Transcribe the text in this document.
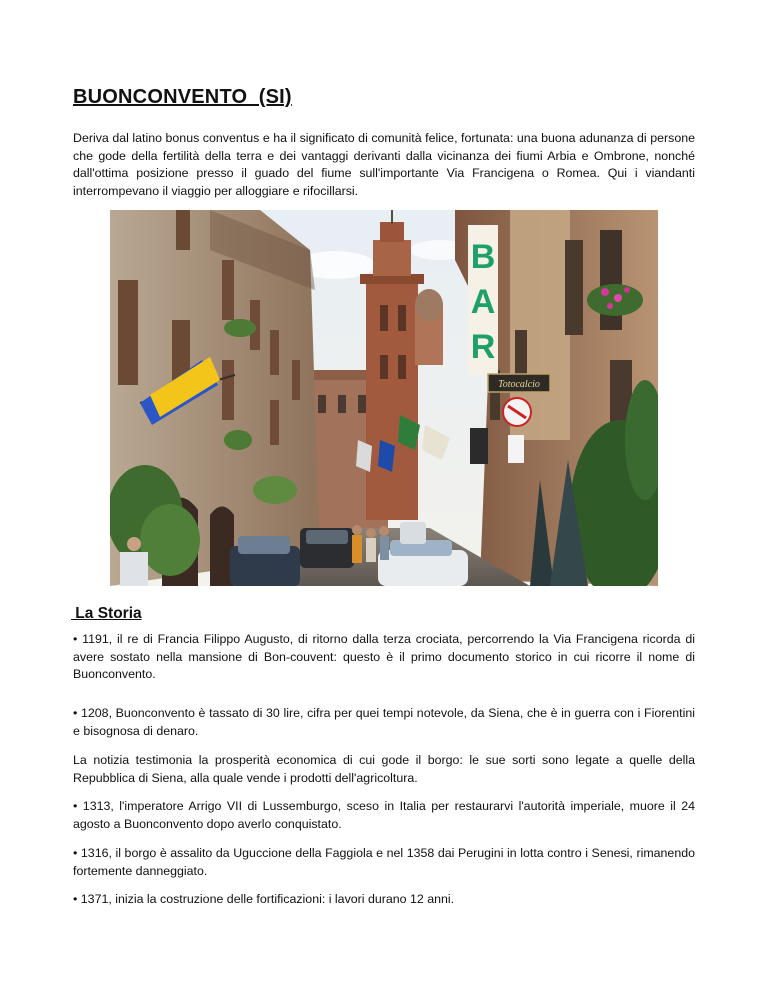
BUONCONVENTO  (SI)

Deriva dal latino bonus conventus e ha il significato di comunità felice, fortunata: una buona adunanza di persone che gode della fertilità della terra e dei vantaggi derivanti dalla vicinanza dei fiumi Arbia e Ombrone, nonché dall'ottima posizione presso il guado del fiume sull'importante Via Francigena o Romea. Qui i viandanti interrompevano il viaggio per alloggiare e rifocillarsi.

B
A
R
Totocalcio
La Storia

• 1191, il re di Francia Filippo Augusto, di ritorno dalla terza crociata, percorrendo la Via Francigena ricorda di avere sostato nella mansione di Bon-couvent: questo è il primo documento storico in cui ricorre il nome di Buonconvento.

• 1208, Buonconvento è tassato di 30 lire, cifra per quei tempi notevole, da Siena, che è in guerra con i Fiorentini e bisognosa di denaro.

La notizia testimonia la prosperità economica di cui gode il borgo: le sue sorti sono legate a quelle della Repubblica di Siena, alla quale vende i prodotti dell'agricoltura.

• 1313, l'imperatore Arrigo VII di Lussemburgo, sceso in Italia per restaurarvi l'autorità imperiale, muore il 24 agosto a Buonconvento dopo averlo conquistato.

• 1316, il borgo è assalito da Uguccione della Faggiola e nel 1358 dai Perugini in lotta contro i Senesi, rimanendo fortemente danneggiato.

• 1371, inizia la costruzione delle fortificazioni: i lavori durano 12 anni.
